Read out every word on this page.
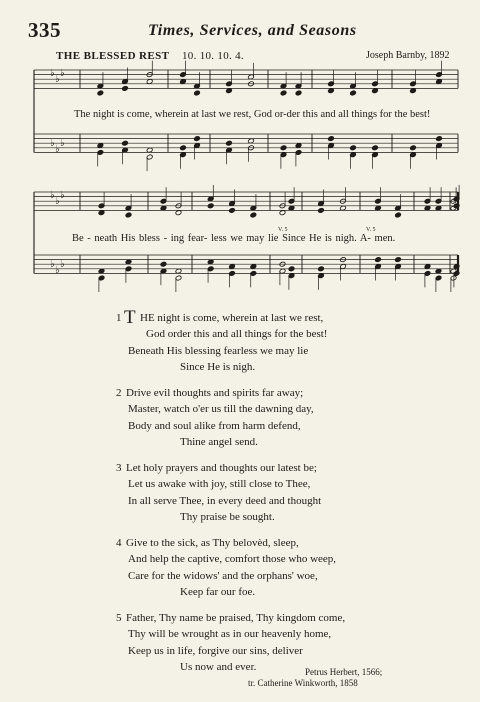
335	Times, Services, and Seasons
THE BLESSED REST 10. 10. 10. 4.	Joseph Barnby, 1892
♭
♭
♭
♭
♭
♭
♭
♭
♭
♭
♭
♭
V. 5	V. 5
The night is come, wherein at last we rest, God or-der this and all things for the best!
Be - neath His bless - ing fear- less we may lie Since He is nigh. A- men.
1 T HE night is come, wherein at last we rest,
God order this and all things for the best!
Beneath His blessing fearless we may lie
Since He is nigh.
2 Drive evil thoughts and spirits far away;
Master, watch o'er us till the dawning day,
Body and soul alike from harm defend,
Thine angel send.
3 Let holy prayers and thoughts our latest be;
Let us awake with joy, still close to Thee,
In all serve Thee, in every deed and thought
Thy praise be sought.
4 Give to the sick, as Thy belovèd, sleep,
And help the captive, comfort those who weep,
Care for the widows' and the orphans' woe,
Keep far our foe.
5 Father, Thy name be praised, Thy kingdom come,
Thy will be wrought as in our heavenly home,
Keep us in life, forgive our sins, deliver
Us now and ever.	Petrus Herbert, 1566;
tr. Catherine Winkworth, 1858
